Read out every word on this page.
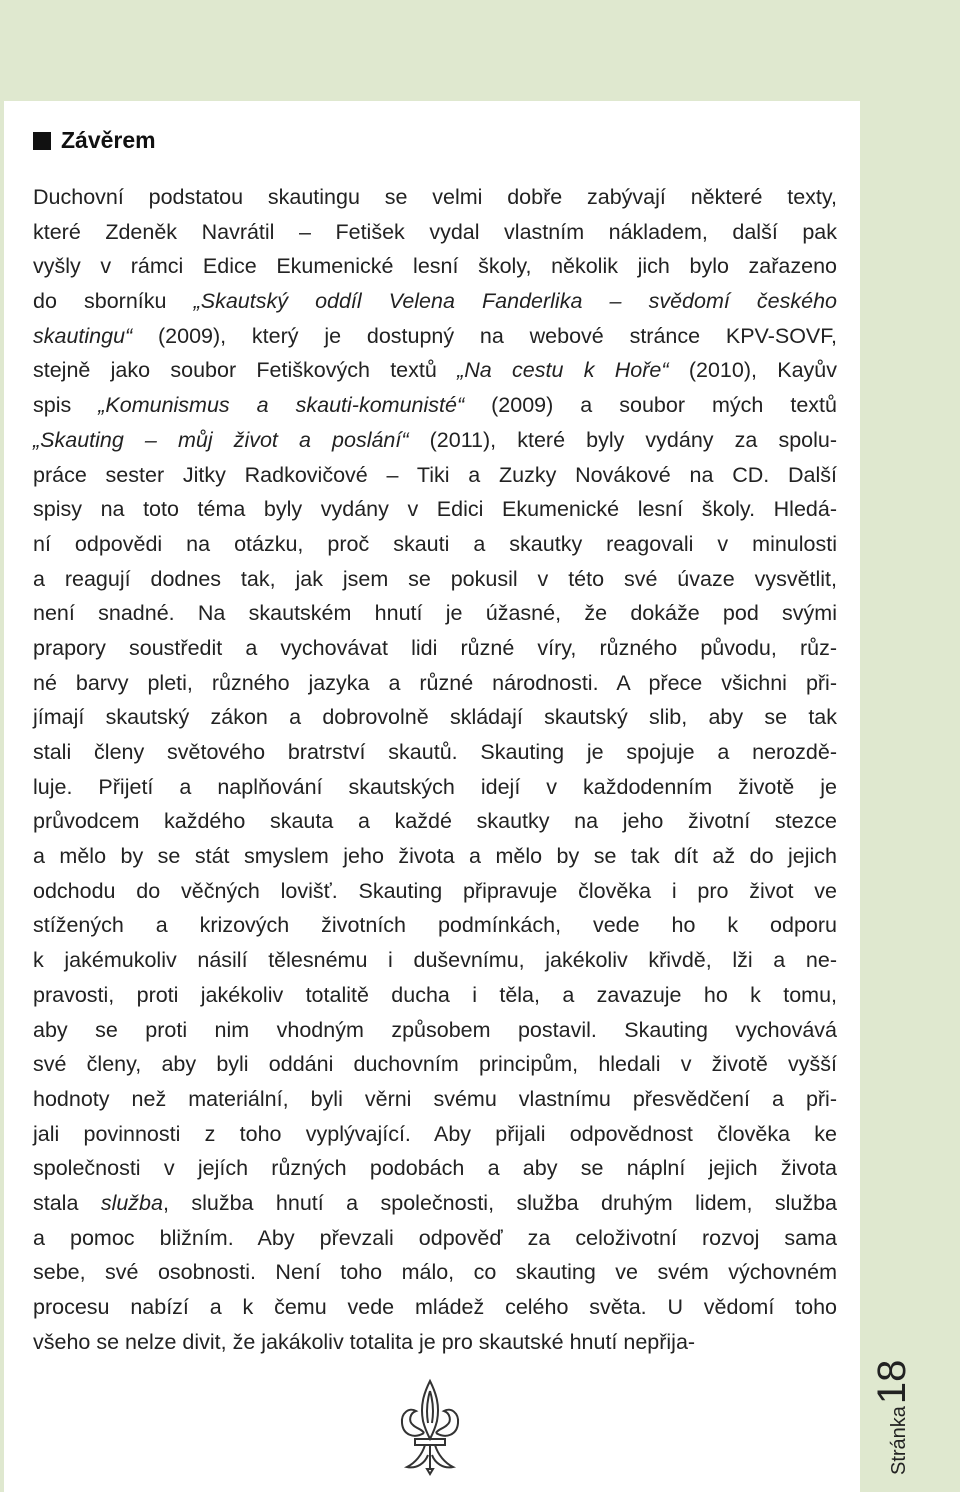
Závěrem
Duchovní podstatou skautingu se velmi dobře zabývají některé texty,
které Zdeněk Navrátil – Fetišek vydal vlastním nákladem, další pak
vyšly v rámci Edice Ekumenické lesní školy, několik jich bylo zařazeno
do sborníku „Skautský oddíl Velena Fanderlika – svědomí českého
skautingu“ (2009), který je dostupný na webové stránce KPV-SOVF,
stejně jako soubor Fetiškových textů „Na cestu k Hoře“ (2010), Kayův
spis „Komunismus a skauti-komunisté“ (2009) a soubor mých textů
„Skauting – můj život a poslání“ (2011), které byly vydány za spolu-
práce sester Jitky Radkovičové – Tiki a Zuzky Novákové na CD. Další
spisy na toto téma byly vydány v Edici Ekumenické lesní školy. Hledá-
ní odpovědi na otázku, proč skauti a skautky reagovali v minulosti
a reagují dodnes tak, jak jsem se pokusil v této své úvaze vysvětlit,
není snadné. Na skautském hnutí je úžasné, že dokáže pod svými
prapory soustředit a vychovávat lidi různé víry, různého původu, růz-
né barvy pleti, různého jazyka a různé národnosti. A přece všichni při-
jímají skautský zákon a dobrovolně skládají skautský slib, aby se tak
stali členy světového bratrství skautů. Skauting je spojuje a nerozdě-
luje. Přijetí a naplňování skautských idejí v každodenním životě je
průvodcem každého skauta a každé skautky na jeho životní stezce
a mělo by se stát smyslem jeho života a mělo by se tak dít až do jejich
odchodu do věčných lovišť. Skauting připravuje člověka i pro život ve
stížených a krizových životních podmínkách, vede ho k odporu
k jakémukoliv násilí tělesnému i duševnímu, jakékoliv křivdě, lži a ne-
pravosti, proti jakékoliv totalitě ducha i těla, a zavazuje ho k tomu,
aby se proti nim vhodným způsobem postavil. Skauting vychovává
své členy, aby byli oddáni duchovním principům, hledali v životě vyšší
hodnoty než materiální, byli věrni svému vlastnímu přesvědčení a při-
jali povinnosti z toho vyplývající. Aby přijali odpovědnost člověka ke
společnosti v jejích různých podobách a aby se náplní jejich života
stala služba, služba hnutí a společnosti, služba druhým lidem, služba
a pomoc bližním. Aby převzali odpověď za celoživotní rozvoj sama
sebe, své osobnosti. Není toho málo, co skauting ve svém výchovném
procesu nabízí a k čemu vede mládež celého světa. U vědomí toho
všeho se nelze divit, že jakákoliv totalita je pro skautské hnutí nepřija-
Stránka18
